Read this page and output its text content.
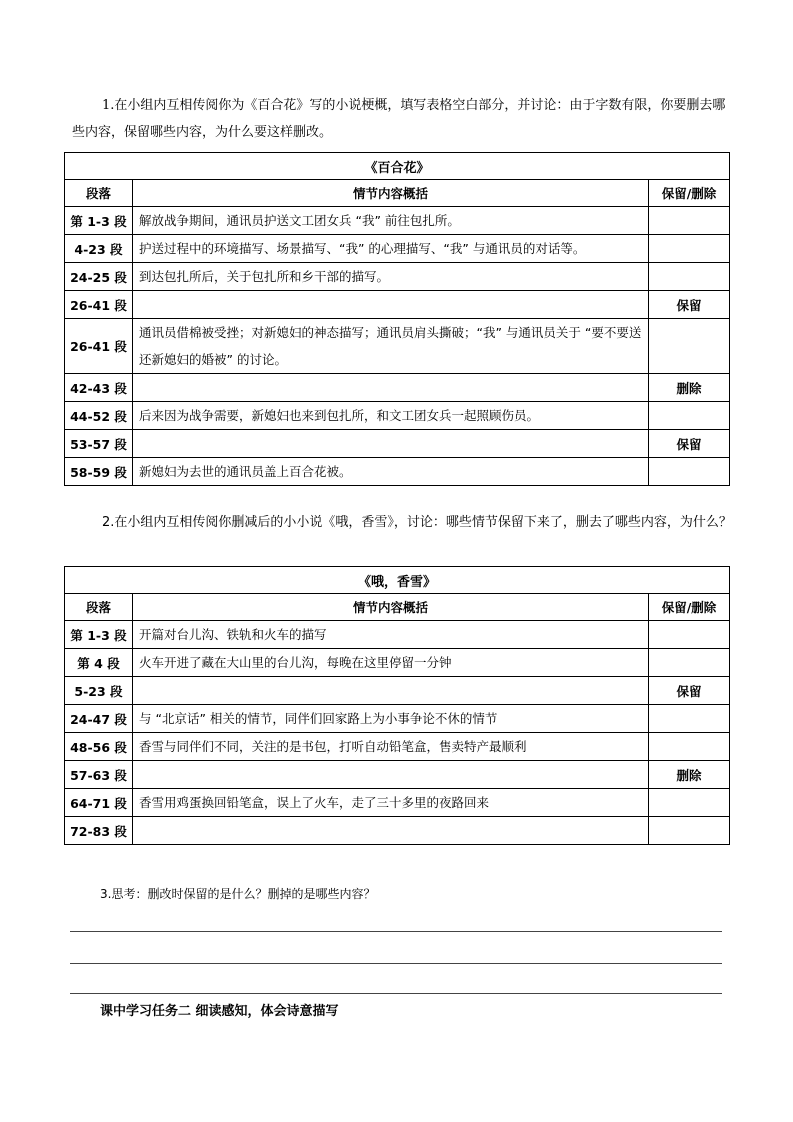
1.在小组内互相传阅你为《百合花》写的小说梗概，填写表格空白部分，并讨论：由于字数有限，你要删去哪些内容，保留哪些内容，为什么要这样删改。
《百合花》		
段落	情节内容概括	保留/删除
第 1-3 段	解放战争期间，通讯员护送文工团女兵 “我” 前往包扎所。	
4-23 段	护送过程中的环境描写、场景描写、“我” 的心理描写、“我” 与通讯员的对话等。	
24-25 段	到达包扎所后，关于包扎所和乡干部的描写。	
26-41 段		保留
26-41 段	通讯员借棉被受挫；对新媳妇的神态描写；通讯员肩头撕破；“我” 与通讯员关于 “要不要送还新媳妇的婚被” 的讨论。	
42-43 段		删除
44-52 段	后来因为战争需要，新媳妇也来到包扎所，和文工团女兵一起照顾伤员。	
53-57 段		保留
58-59 段	新媳妇为去世的通讯员盖上百合花被。	
2.在小组内互相传阅你删减后的小小说《哦，香雪》，讨论：哪些情节保留下来了，删去了哪些内容，为什么？
《哦，香雪》		
段落	情节内容概括	保留/删除
第 1-3 段	开篇对台儿沟、铁轨和火车的描写	
第 4 段	火车开进了藏在大山里的台儿沟，每晚在这里停留一分钟	
5-23 段		保留
24-47 段	与 “北京话” 相关的情节，同伴们回家路上为小事争论不休的情节	
48-56 段	香雪与同伴们不同，关注的是书包，打听自动铅笔盒，售卖特产最顺利	
57-63 段		删除
64-71 段	香雪用鸡蛋换回铅笔盒，误上了火车，走了三十多里的夜路回来	
72-83 段		
3.思考：删改时保留的是什么？删掉的是哪些内容？
课中学习任务二 细读感知，体会诗意描写
